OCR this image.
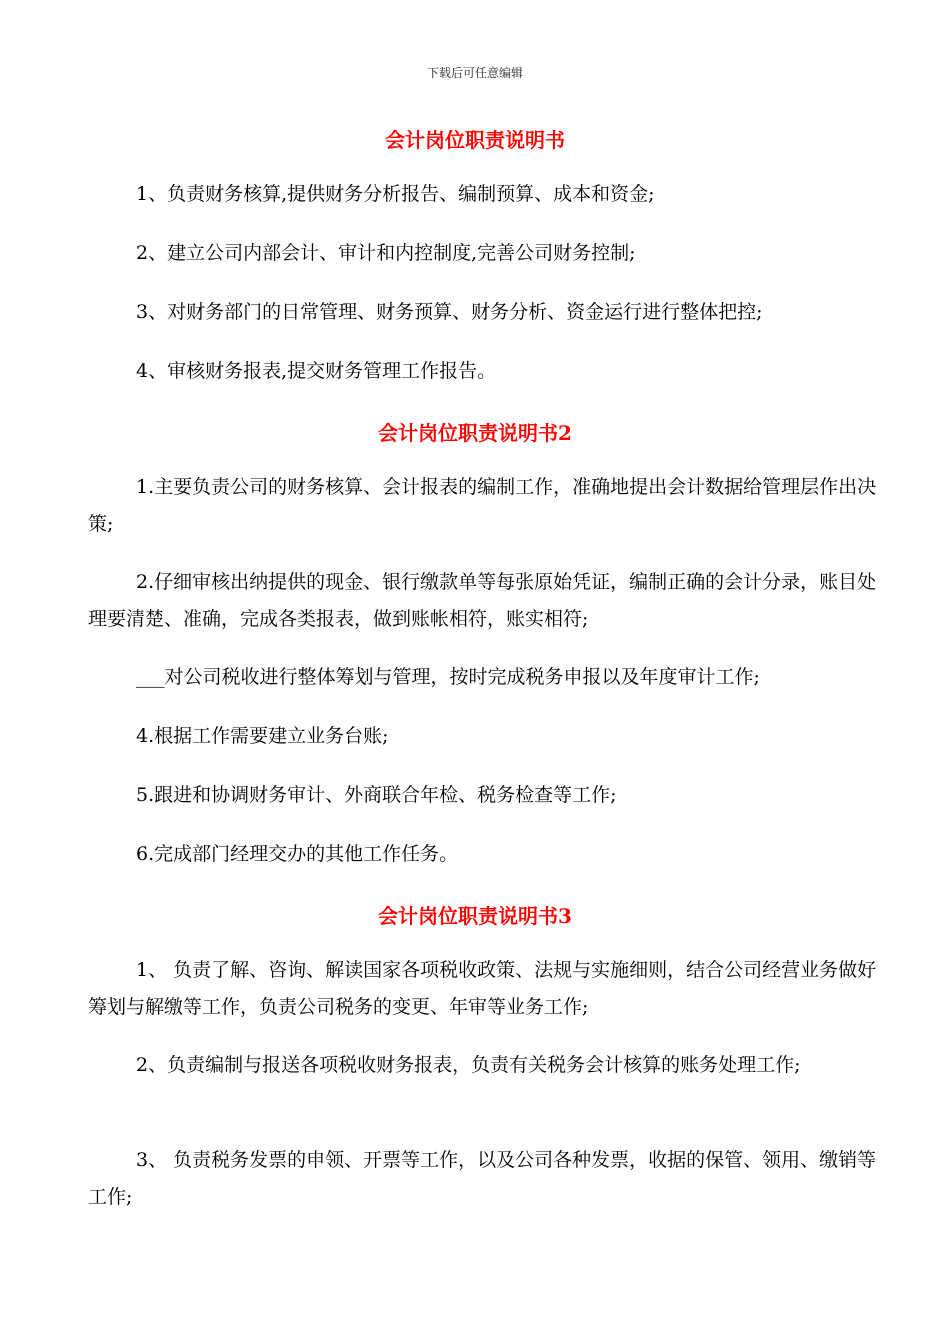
下载后可任意编辑
会计岗位职责说明书
1、负责财务核算,提供财务分析报告、编制预算、成本和资金;
2、建立公司内部会计、审计和内控制度,完善公司财务控制;
3、对财务部门的日常管理、财务预算、财务分析、资金运行进行整体把控;
4、审核财务报表,提交财务管理工作报告。
会计岗位职责说明书2
1.主要负责公司的财务核算、会计报表的编制工作，准确地提出会计数据给管理层作出决策;
2.仔细审核出纳提供的现金、银行缴款单等每张原始凭证，编制正确的会计分录，账目处理要清楚、准确，完成各类报表，做到账帐相符，账实相符;
___对公司税收进行整体筹划与管理，按时完成税务申报以及年度审计工作;
4.根据工作需要建立业务台账;
5.跟进和协调财务审计、外商联合年检、税务检查等工作;
6.完成部门经理交办的其他工作任务。
会计岗位职责说明书3
1、 负责了解、咨询、解读国家各项税收政策、法规与实施细则，结合公司经营业务做好筹划与解缴等工作，负责公司税务的变更、年审等业务工作;
2、负责编制与报送各项税收财务报表，负责有关税务会计核算的账务处理工作;
3、 负责税务发票的申领、开票等工作，以及公司各种发票，收据的保管、领用、缴销等工作;
